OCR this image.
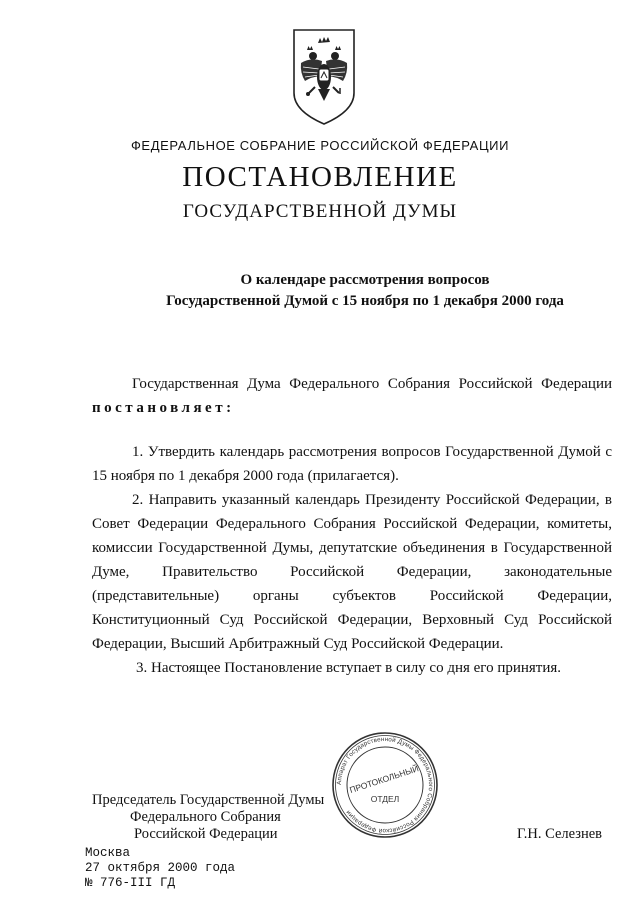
ФЕДЕРАЛЬНОЕ СОБРАНИЕ РОССИЙСКОЙ ФЕДЕРАЦИИ
ПОСТАНОВЛЕНИЕ
ГОСУДАРСТВЕННОЙ ДУМЫ
О календаре рассмотрения вопросов
Государственной Думой с 15 ноября по 1 декабря 2000 года
Государственная Дума Федерального Собрания Российской Федерации
постановляет:
1. Утвердить календарь рассмотрения вопросов Государственной Думой с 15 ноября по 1 декабря 2000 года (прилагается).
2. Направить указанный календарь Президенту Российской Федерации, в Совет Федерации Федерального Собрания Российской Федерации, комитеты, комиссии Государственной Думы, депутатские объединения в Государственной Думе, Правительство Российской Федерации, законодательные (представительные) органы субъектов Российской Федерации, Конституционный Суд Российской Федерации, Верховный Суд Российской Федерации, Высший Арбитражный Суд Российской Федерации.
3. Настоящее Постановление вступает в силу со дня его принятия.
Аппарат Государственной Думы Федерального Собрания Российской Федерации
ПРОТОКОЛЬНЫЙ
ОТДЕЛ
Председатель Государственной Думы
Федерального Собрания
Российской Федерации	Г.Н. Селезнев
Москва
27 октября 2000 года
№ 776-III ГД
